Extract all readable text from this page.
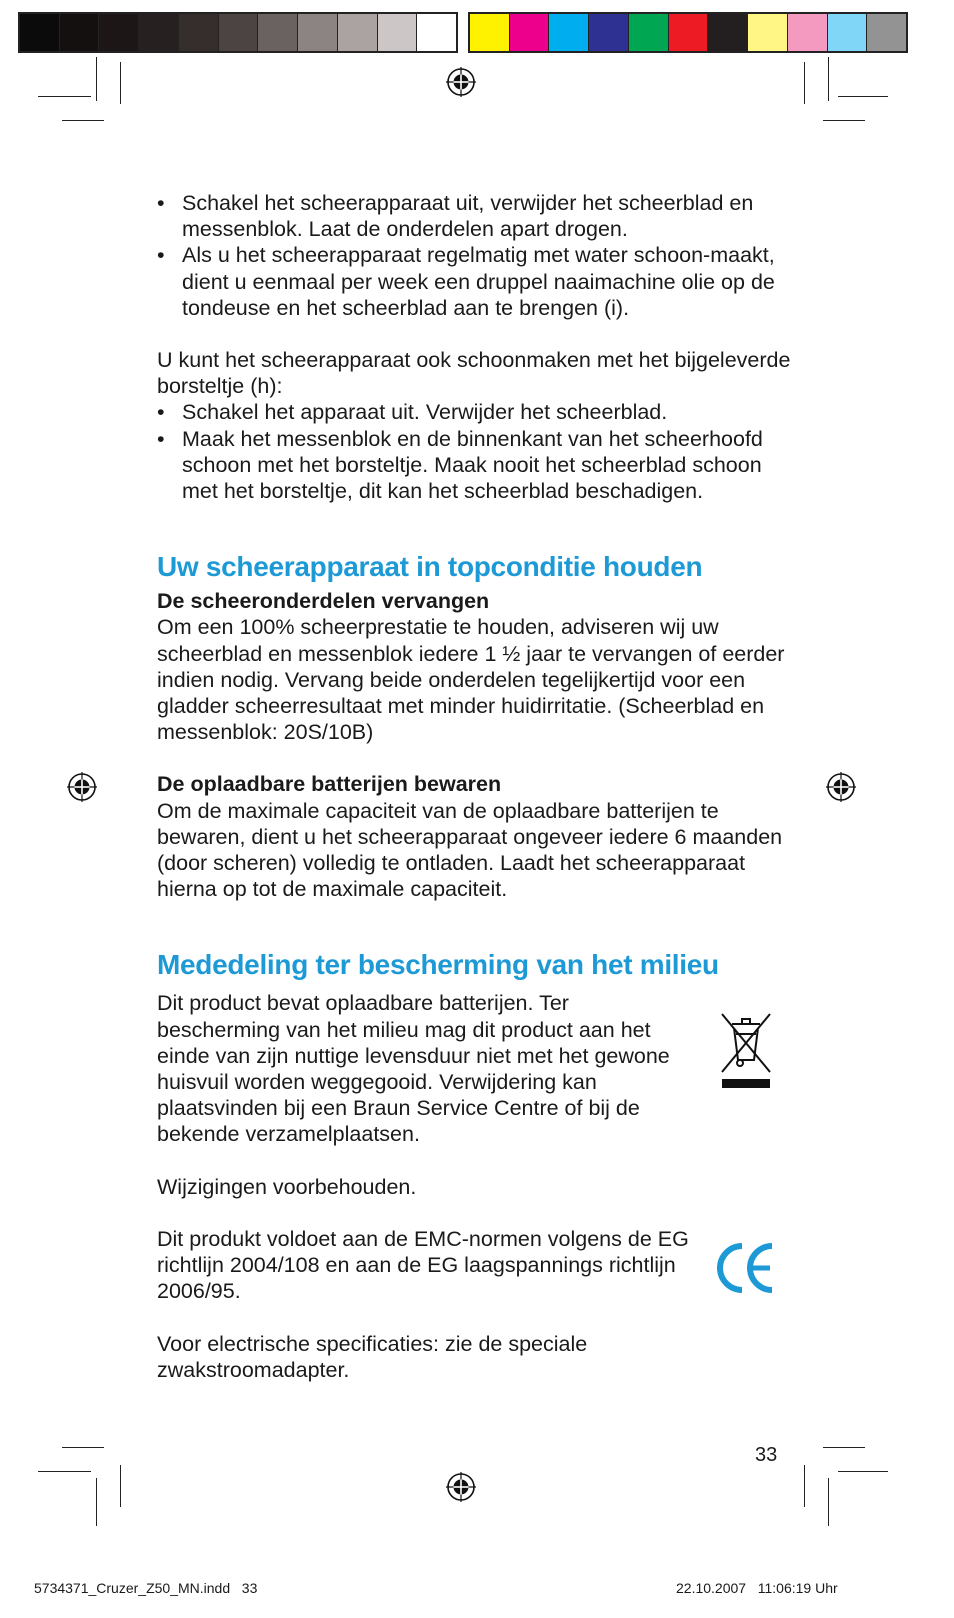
• Schakel het scheerapparaat uit, verwijder het scheerblad en messenblok. Laat de onderdelen apart drogen.
• Als u het scheerapparaat regelmatig met water schoon-maakt, dient u eenmaal per week een druppel naaimachine olie op de tondeuse en het scheerblad aan te brengen (i).

U kunt het scheerapparaat ook schoonmaken met het bijgeleverde borsteltje (h):

• Schakel het apparaat uit. Verwijder het scheerblad.
• Maak het messenblok en de binnenkant van het scheerhoofd schoon met het borsteltje. Maak nooit het scheerblad schoon met het borsteltje, dit kan het scheerblad beschadigen.
Uw scheerapparaat in topconditie houden

De scheeronderdelen vervangen

Om een 100% scheerprestatie te houden, adviseren wij uw scheerblad en messenblok iedere 1 ½ jaar te vervangen of eerder indien nodig. Vervang beide onderdelen tegelijkertijd voor een gladder scheerresultaat met minder huidirritatie. (Scheerblad en messenblok: 20S/10B)

De oplaadbare batterijen bewaren

Om de maximale capaciteit van de oplaadbare batterijen te bewaren, dient u het scheerapparaat ongeveer iedere 6 maanden (door scheren) volledig te ontladen. Laadt het scheerapparaat hierna op tot de maximale capaciteit.

Mededeling ter bescherming van het milieu

Dit product bevat oplaadbare batterijen. Ter bescherming van het milieu mag dit product aan het einde van zijn nuttige levensduur niet met het gewone huisvuil worden weggegooid. Verwijdering kan plaatsvinden bij een Braun Service Centre of bij de bekende verzamelplaatsen.

Wijzigingen voorbehouden.

Dit produkt voldoet aan de EMC-normen volgens de EG richtlijn 2004/108 en aan de EG laagspannings richtlijn 2006/95.

Voor electrische specificaties: zie de speciale zwakstroomadapter.

33
5734371_Cruzer_Z50_MN.indd   33	22.10.2007   11:06:19 Uhr
